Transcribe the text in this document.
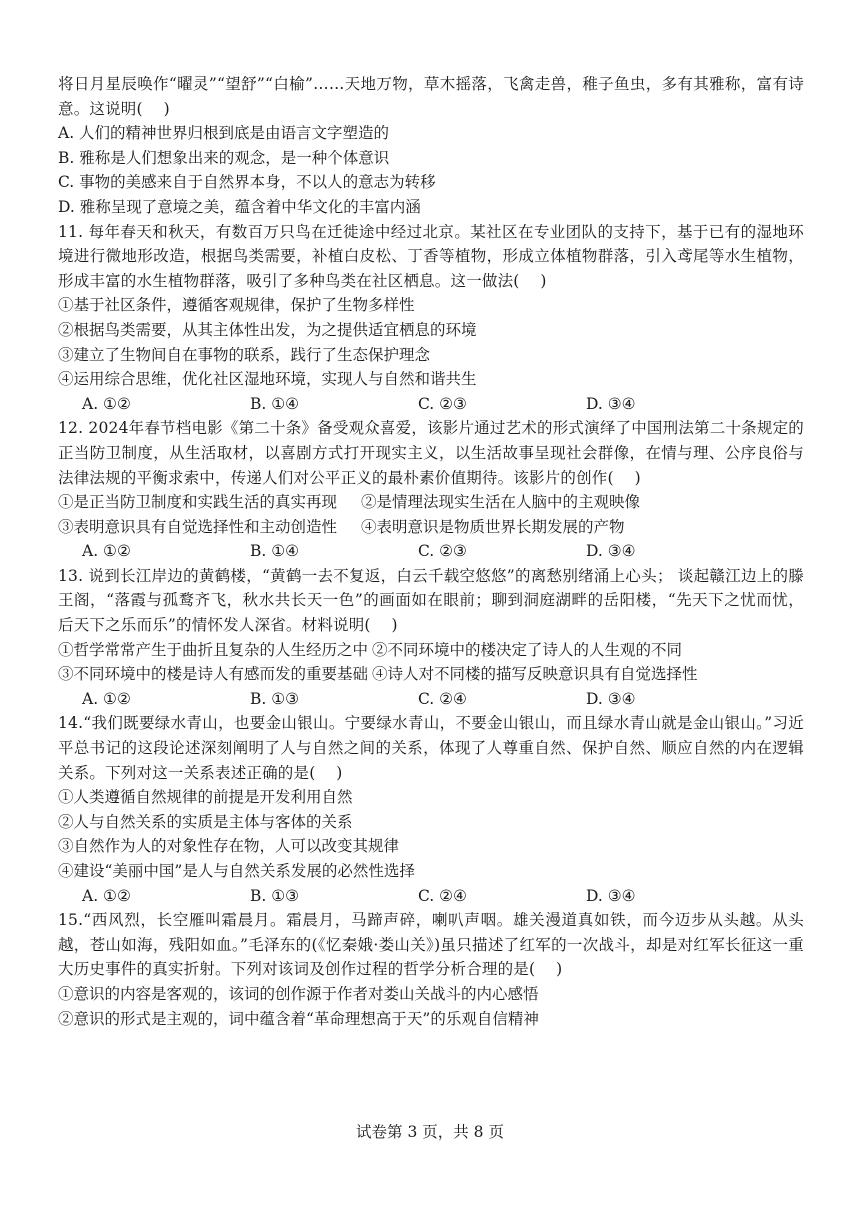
将日月星辰唤作“曜灵”“望舒”“白榆”……天地万物，草木摇落，飞禽走兽，稚子鱼虫，多有其雅称，富有诗意。这说明(　 )

A. 人们的精神世界归根到底是由语言文字塑造的

B. 雅称是人们想象出来的观念，是一种个体意识

C. 事物的美感来自于自然界本身，不以人的意志为转移

D. 雅称呈现了意境之美，蕴含着中华文化的丰富内涵

11. 每年春天和秋天，有数百万只鸟在迁徙途中经过北京。某社区在专业团队的支持下，基于已有的湿地环境进行微地形改造，根据鸟类需要，补植白皮松、丁香等植物，形成立体植物群落，引入鸢尾等水生植物，形成丰富的水生植物群落，吸引了多种鸟类在社区栖息。这一做法(　 )

①基于社区条件，遵循客观规律，保护了生物多样性

②根据鸟类需要，从其主体性出发，为之提供适宜栖息的环境

③建立了生物间自在事物的联系，践行了生态保护理念

④运用综合思维，优化社区湿地环境，实现人与自然和谐共生

A. ①②	B. ①④	C. ②③	D. ③④

12. 2024年春节档电影《第二十条》备受观众喜爱，该影片通过艺术的形式演绎了中国刑法第二十条规定的正当防卫制度，从生活取材，以喜剧方式打开现实主义，以生活故事呈现社会群像，在情与理、公序良俗与法律法规的平衡求索中，传递人们对公平正义的最朴素价值期待。该影片的创作(　 )

①是正当防卫制度和实践生活的真实再现 ②是情理法现实生活在人脑中的主观映像
③表明意识具有自觉选择性和主动创造性 ④表明意识是物质世界长期发展的产物
A. ①②	B. ①④	C. ②③	D. ③④

13. 说到长江岸边的黄鹤楼，“黄鹤一去不复返，白云千载空悠悠”的离愁别绪涌上心头； 谈起赣江边上的滕王阁，“落霞与孤鹜齐飞，秋水共长天一色”的画面如在眼前；聊到洞庭湖畔的岳阳楼，“先天下之忧而忧，后天下之乐而乐”的情怀发人深省。材料说明(　 )

①哲学常常产生于曲折且复杂的人生经历之中 ②不同环境中的楼决定了诗人的人生观的不同
③不同环境中的楼是诗人有感而发的重要基础 ④诗人对不同楼的描写反映意识具有自觉选择性
A. ①②	B. ①③	C. ②④	D. ③④

14.“我们既要绿水青山，也要金山银山。宁要绿水青山，不要金山银山，而且绿水青山就是金山银山。”习近平总书记的这段论述深刻阐明了人与自然之间的关系，体现了人尊重自然、保护自然、顺应自然的内在逻辑关系。下列对这一关系表述正确的是(　 )

①人类遵循自然规律的前提是开发利用自然

②人与自然关系的实质是主体与客体的关系

③自然作为人的对象性存在物，人可以改变其规律

④建设“美丽中国”是人与自然关系发展的必然性选择

A. ①②	B. ①③	C. ②④	D. ③④

15.“西风烈，长空雁叫霜晨月。霜晨月，马蹄声碎，喇叭声咽。雄关漫道真如铁，而今迈步从头越。从头越，苍山如海，残阳如血。”毛泽东的(《忆秦娥·娄山关》)虽只描述了红军的一次战斗，却是对红军长征这一重大历史事件的真实折射。下列对该词及创作过程的哲学分析合理的是(　 )

①意识的内容是客观的，该词的创作源于作者对娄山关战斗的内心感悟

②意识的形式是主观的，词中蕴含着“革命理想高于天”的乐观自信精神

试卷第 3 页，共 8 页
